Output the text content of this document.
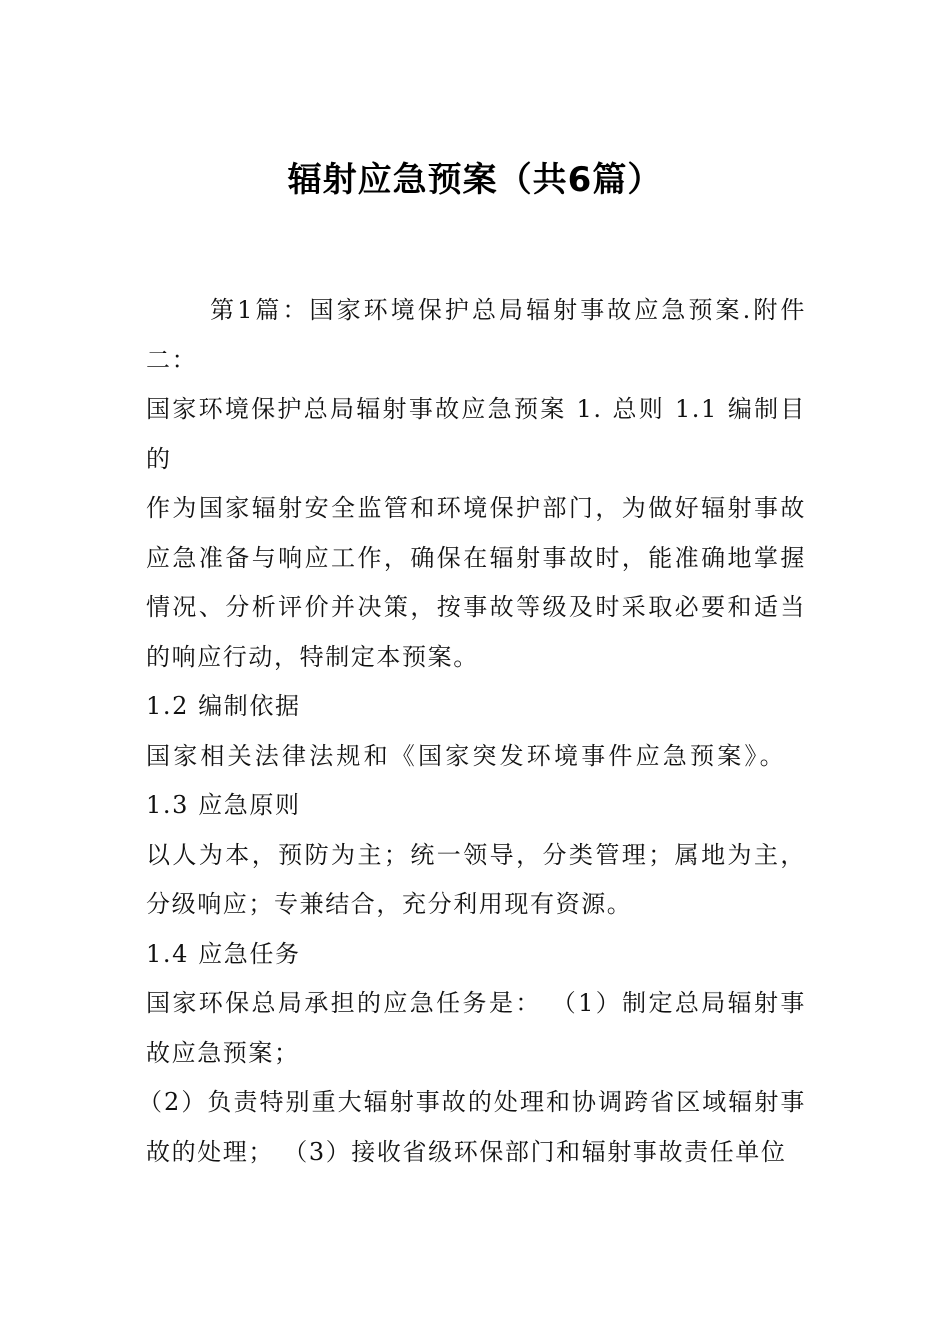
辐射应急预案（共6篇）

第1篇：国家环境保护总局辐射事故应急预案.附件二：

国家环境保护总局辐射事故应急预案 1. 总则 1.1 编制目的

作为国家辐射安全监管和环境保护部门，为做好辐射事故应急准备与响应工作，确保在辐射事故时，能准确地掌握情况、分析评价并决策，按事故等级及时采取必要和适当的响应行动，特制定本预案。

1.2 编制依据

国家相关法律法规和《国家突发环境事件应急预案》。

1.3 应急原则

以人为本，预防为主；统一领导，分类管理；属地为主，分级响应；专兼结合，充分利用现有资源。

1.4 应急任务

国家环保总局承担的应急任务是： （1）制定总局辐射事故应急预案；

（2）负责特别重大辐射事故的处理和协调跨省区域辐射事故的处理； （3）接收省级环保部门和辐射事故责任单位
